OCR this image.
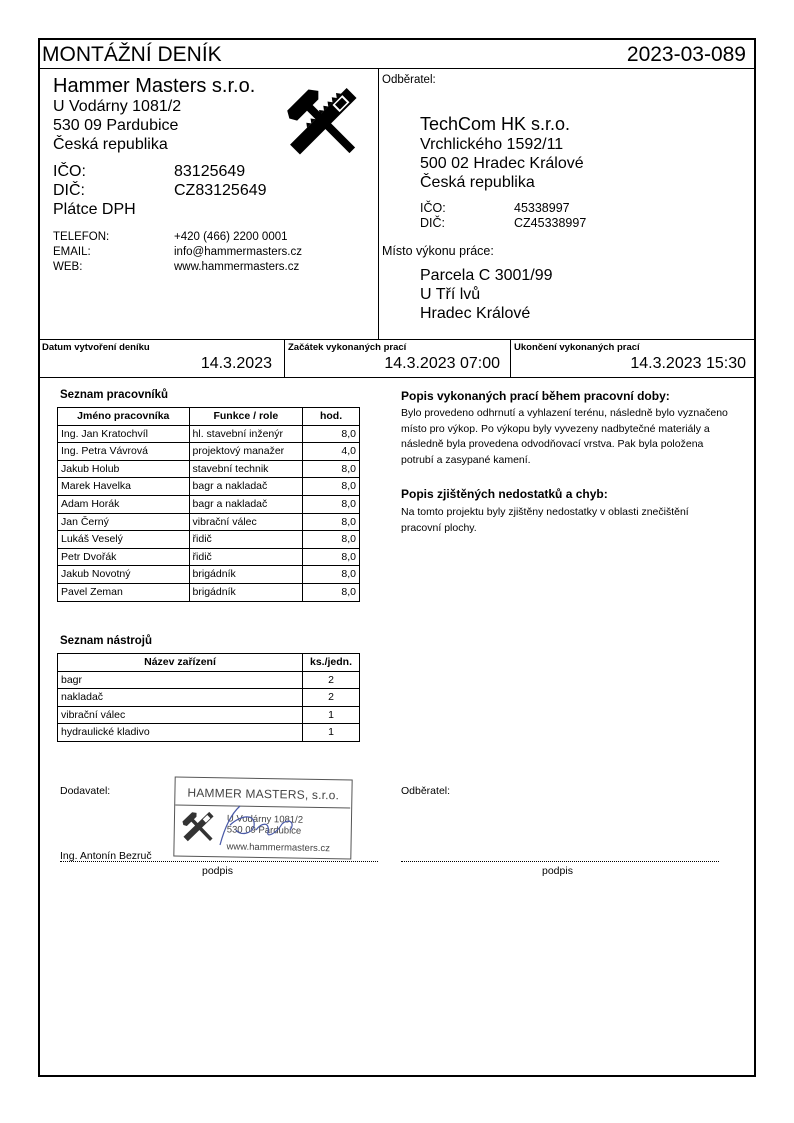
MONTÁŽNÍ DENÍK	2023-03-089
Hammer Masters s.r.o.
U Vodárny 1081/2
530 09 Pardubice
Česká republika
IČO:	83125649
DIČ:	CZ83125649
Plátce DPH
TELEFON:	+420 (466) 2200 0001
EMAIL:	info@hammermasters.cz
WEB:	www.hammermasters.cz
Odběratel:
TechCom HK s.r.o.
Vrchlického 1592/11
500 02 Hradec Králové
Česká republika
IČO:	45338997
DIČ:	CZ45338997
Místo výkonu práce:
Parcela C 3001/99
U Tří lvů
Hradec Králové
Datum vytvoření deníku
14.3.2023
Začátek vykonaných prací
14.3.2023 07:00
Ukončení vykonaných prací
14.3.2023 15:30
Seznam pracovníků
Jméno pracovníka	Funkce / role	hod.
Ing. Jan Kratochvíl	hl. stavební inženýr	8,0
Ing. Petra Vávrová	projektový manažer	4,0
Jakub Holub	stavební technik	8,0
Marek Havelka	bagr a nakladač	8,0
Adam Horák	bagr a nakladač	8,0
Jan Černý	vibrační válec	8,0
Lukáš Veselý	řidič	8,0
Petr Dvořák	řidič	8,0
Jakub Novotný	brigádník	8,0
Pavel Zeman	brigádník	8,0
Seznam nástrojů
Název zařízení	ks./jedn.
bagr	2
nakladač	2
vibrační válec	1
hydraulické kladivo	1
Popis vykonaných prací během pracovní doby:
Bylo provedeno odhrnutí a vyhlazení terénu, následně bylo vyznačeno
místo pro výkop. Po výkopu byly vyvezeny nadbytečné materiály a
následně byla provedena odvodňovací vrstva. Pak byla položena
potrubí a zasypané kamení.
Popis zjištěných nedostatků a chyb:
Na tomto projektu byly zjištěny nedostatky v oblasti znečištění
pracovní plochy.
Dodavatel:
Ing. Antonín Bezruč
podpis
Odběratel:
podpis
HAMMER MASTERS, s.r.o.
U Vodárny 1081/2
530 09 Pardubice
www.hammermasters.cz
